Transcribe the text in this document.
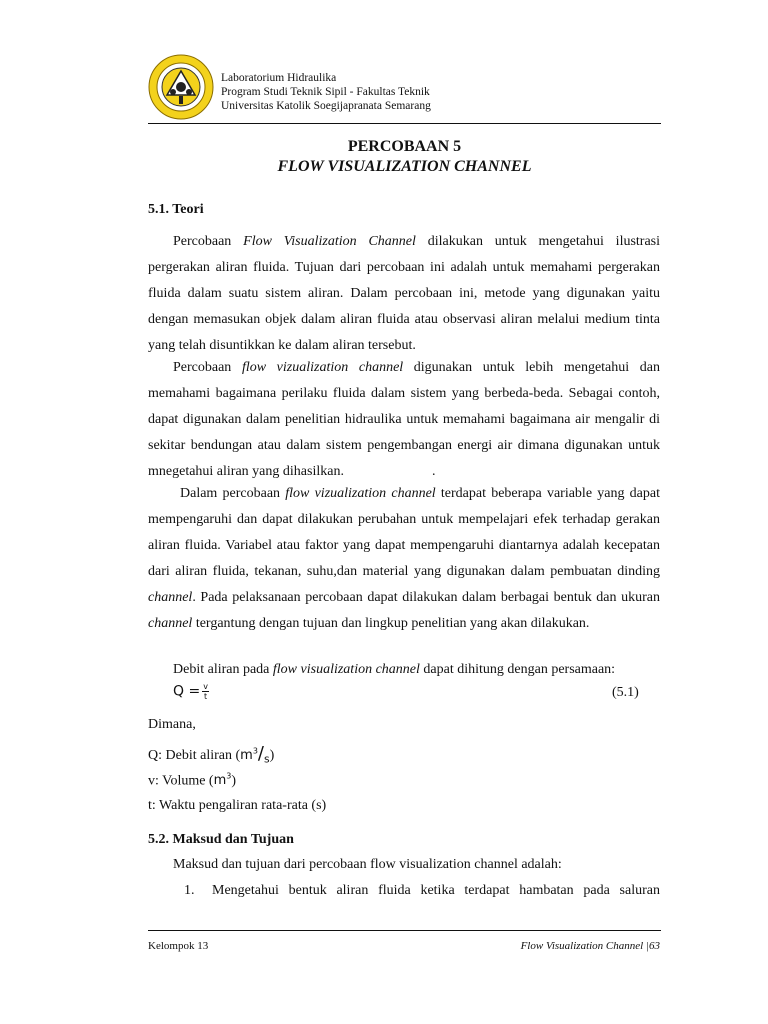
Laboratorium Hidraulika
Program Studi Teknik Sipil - Fakultas Teknik
Universitas Katolik Soegijapranata Semarang
PERCOBAAN 5
FLOW VISUALIZATION CHANNEL
5.1. Teori

Percobaan Flow Visualization Channel dilakukan untuk mengetahui ilustrasi pergerakan aliran fluida. Tujuan dari percobaan ini adalah untuk memahami pergerakan fluida dalam suatu sistem aliran. Dalam percobaan ini, metode yang digunakan yaitu dengan memasukan objek dalam aliran fluida atau observasi aliran melalui medium tinta yang telah disuntikkan ke dalam aliran tersebut.

Percobaan flow vizualization channel digunakan untuk lebih mengetahui dan memahami bagaimana perilaku fluida dalam sistem yang berbeda-beda. Sebagai contoh, dapat digunakan dalam penelitian hidraulika untuk memahami bagaimana air mengalir di sekitar bendungan atau dalam sistem pengembangan energi air dimana digunakan untuk mnegetahui aliran yang dihasilkan.	.

Dalam percobaan flow vizualization channel terdapat beberapa variable yang dapat mempengaruhi dan dapat dilakukan perubahan untuk mempelajari efek terhadap gerakan aliran fluida. Variabel atau faktor yang dapat mempengaruhi diantarnya adalah kecepatan dari aliran fluida, tekanan, suhu,dan material yang digunakan dalam pembuatan dinding channel. Pada pelaksanaan percobaan dapat dilakukan dalam berbagai bentuk dan ukuran channel tergantung dengan tujuan dan lingkup penelitian yang akan dilakukan.

Debit aliran pada flow visualization channel dapat dihitung dengan persamaan:

$Q = \frac{v}{t}$	(5.1)
Dimana,
Q: Debit aliran $(m^3/_s)$
v: Volume $(m^3)$
t: Waktu pengaliran rata-rata (s)
5.2. Maksud dan Tujuan
Maksud dan tujuan dari percobaan flow visualization channel adalah:
1. Mengetahui bentuk aliran fluida ketika terdapat hambatan pada saluran
Kelompok 13	Flow Visualization Channel |63
